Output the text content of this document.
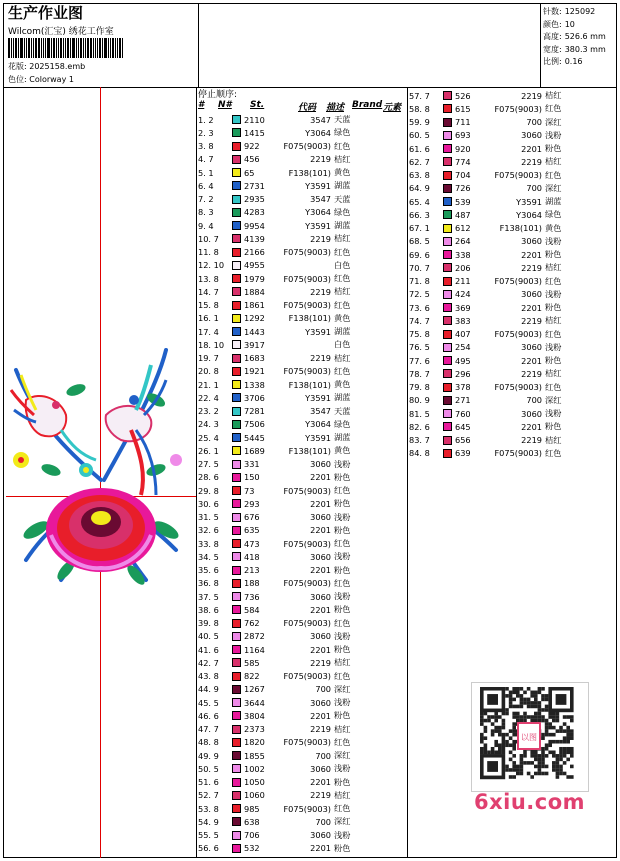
生产作业图
Wilcom(汇宝) 绣花工作室
花版: 2025158.emb
色位: Colorway 1
针数: 125092
颜色: 10
高度: 526.6 mm
宽度: 380.3 mm
比例: 0.16
停止顺序:
# N# St.	代码 描述 Brand 元素
1. 2	2110	3547 天蓝
2. 3	1415	Y3064 绿色
3. 8	922	F075(9003) 红色
4. 7	456	2219 桔红
5. 1	65	F138(101) 黄色
6. 4	2731	Y3591 湖蓝
7. 2	2935	3547 天蓝
8. 3	4283	Y3064 绿色
9. 4	9954	Y3591 湖蓝
10. 7	4139	2219 桔红
11. 8	2166	F075(9003) 红色
12. 10	4955	白色
13. 8	1979	F075(9003) 红色
14. 7	1884	2219 桔红
15. 8	1861	F075(9003) 红色
16. 1	1292	F138(101) 黄色
17. 4	1443	Y3591 湖蓝
18. 10	3917	白色
19. 7	1683	2219 桔红
20. 8	1921	F075(9003) 红色
21. 1	1338	F138(101) 黄色
22. 4	3706	Y3591 湖蓝
23. 2	7281	3547 天蓝
24. 3	7506	Y3064 绿色
25. 4	5445	Y3591 湖蓝
26. 1	1689	F138(101) 黄色
27. 5	331	3060 浅粉
28. 6	150	2201 粉色
29. 8	73	F075(9003) 红色
30. 6	293	2201 粉色
31. 5	676	3060 浅粉
32. 6	635	2201 粉色
33. 8	473	F075(9003) 红色
34. 5	418	3060 浅粉
35. 6	213	2201 粉色
36. 8	188	F075(9003) 红色
37. 5	736	3060 浅粉
38. 6	584	2201 粉色
39. 8	762	F075(9003) 红色
40. 5	2872	3060 浅粉
41. 6	1164	2201 粉色
42. 7	585	2219 桔红
43. 8	822	F075(9003) 红色
44. 9	1267	700 深红
45. 5	3644	3060 浅粉
46. 6	3804	2201 粉色
47. 7	2373	2219 桔红
48. 8	1820	F075(9003) 红色
49. 9	1855	700 深红
50. 5	1002	3060 浅粉
51. 6	1050	2201 粉色
52. 7	1060	2219 桔红
53. 8	985	F075(9003) 红色
54. 9	638	700 深红
55. 5	706	3060 浅粉
56. 6	532	2201 粉色
57. 7	526	2219 桔红
58. 8	615	F075(9003) 红色
59. 9	711	700 深红
60. 5	693	3060 浅粉
61. 6	920	2201 粉色
62. 7	774	2219 桔红
63. 8	704	F075(9003) 红色
64. 9	726	700 深红
65. 4	539	Y3591 湖蓝
66. 3	487	Y3064 绿色
67. 1	612	F138(101) 黄色
68. 5	264	3060 浅粉
69. 6	338	2201 粉色
70. 7	206	2219 桔红
71. 8	211	F075(9003) 红色
72. 5	424	3060 浅粉
73. 6	369	2201 粉色
74. 7	383	2219 桔红
75. 8	407	F075(9003) 红色
76. 5	254	3060 浅粉
77. 6	495	2201 粉色
78. 7	296	2219 桔红
79. 8	378	F075(9003) 红色
80. 9	271	700 深红
81. 5	760	3060 浅粉
82. 6	645	2201 粉色
83. 7	656	2219 桔红
84. 8	639	F075(9003) 红色
以图
6xiu.com
